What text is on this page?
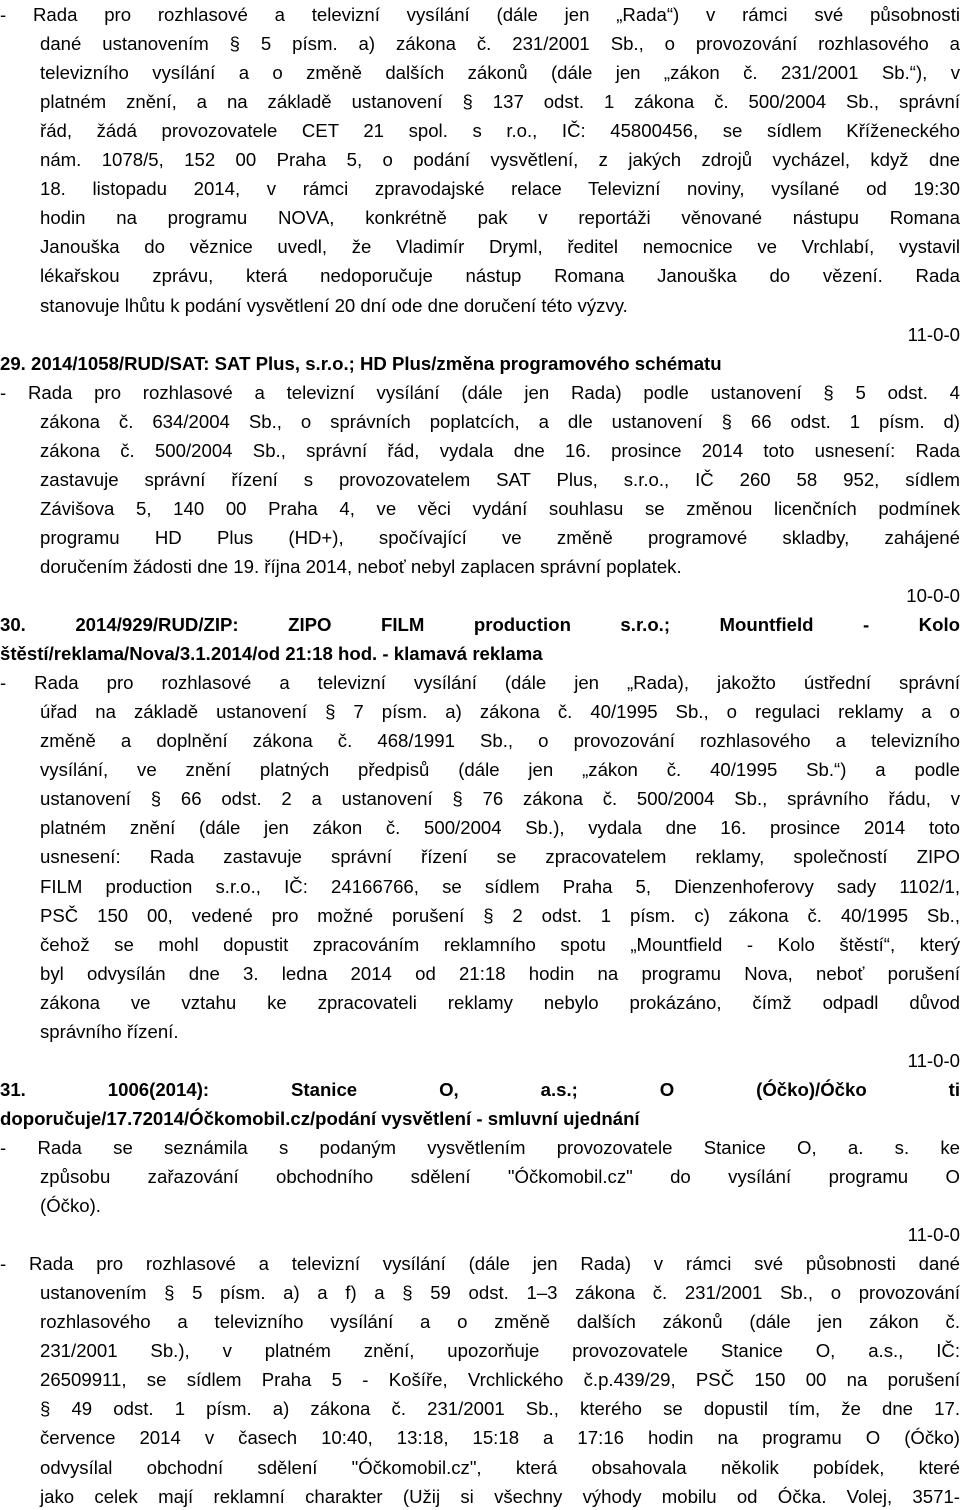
- Rada pro rozhlasové a televizní vysílání (dále jen „Rada“) v rámci své působnosti
dané ustanovením § 5 písm. a) zákona č. 231/2001 Sb., o provozování rozhlasového a
televizního vysílání a o změně dalších zákonů (dále jen „zákon č. 231/2001 Sb.“), v
platném znění, a na základě ustanovení § 137 odst. 1 zákona č. 500/2004 Sb., správní
řád, žádá provozovatele CET 21 spol. s r.o., IČ: 45800456, se sídlem Kříženeckého
nám. 1078/5, 152 00 Praha 5, o podání vysvětlení, z jakých zdrojů vycházel, když dne
18. listopadu 2014, v rámci zpravodajské relace Televizní noviny, vysílané od 19:30
hodin na programu NOVA, konkrétně pak v reportáži věnované nástupu Romana
Janouška do věznice uvedl, že Vladimír Dryml, ředitel nemocnice ve Vrchlabí, vystavil
lékařskou zprávu, která nedoporučuje nástup Romana Janouška do vězení. Rada
stanovuje lhůtu k podání vysvětlení 20 dní ode dne doručení této výzvy.
11-0-0
29. 2014/1058/RUD/SAT: SAT Plus, s.r.o.; HD Plus/změna programového schématu
- Rada pro rozhlasové a televizní vysílání (dále jen Rada) podle ustanovení § 5 odst. 4
zákona č. 634/2004 Sb., o správních poplatcích, a dle ustanovení § 66 odst. 1 písm. d)
zákona č. 500/2004 Sb., správní řád, vydala dne 16. prosince 2014 toto usnesení: Rada
zastavuje správní řízení s provozovatelem SAT Plus, s.r.o., IČ 260 58 952, sídlem
Závišova 5, 140 00 Praha 4, ve věci vydání souhlasu se změnou licenčních podmínek
programu HD Plus (HD+), spočívající ve změně programové skladby, zahájené
doručením žádosti dne 19. října 2014, neboť nebyl zaplacen správní poplatek.
10-0-0
30. 2014/929/RUD/ZIP: ZIPO FILM production s.r.o.; Mountfield - Kolo
štěstí/reklama/Nova/3.1.2014/od 21:18 hod. - klamavá reklama
- Rada pro rozhlasové a televizní vysílání (dále jen „Rada), jakožto ústřední správní
úřad na základě ustanovení § 7 písm. a) zákona č. 40/1995 Sb., o regulaci reklamy a o
změně a doplnění zákona č. 468/1991 Sb., o provozování rozhlasového a televizního
vysílání, ve znění platných předpisů (dále jen „zákon č. 40/1995 Sb.“) a podle
ustanovení § 66 odst. 2 a ustanovení § 76 zákona č. 500/2004 Sb., správního řádu, v
platném znění (dále jen zákon č. 500/2004 Sb.), vydala dne 16. prosince 2014 toto
usnesení: Rada zastavuje správní řízení se zpracovatelem reklamy, společností ZIPO
FILM production s.r.o., IČ: 24166766, se sídlem Praha 5, Dienzenhoferovy sady 1102/1,
PSČ 150 00, vedené pro možné porušení § 2 odst. 1 písm. c) zákona č. 40/1995 Sb.,
čehož se mohl dopustit zpracováním reklamního spotu „Mountfield - Kolo štěstí“, který
byl odvysílán dne 3. ledna 2014 od 21:18 hodin na programu Nova, neboť porušení
zákona ve vztahu ke zpracovateli reklamy nebylo prokázáno, čímž odpadl důvod
správního řízení.
11-0-0
31. 1006(2014): Stanice O, a.s.; O (Óčko)/Óčko ti
doporučuje/17.72014/Óčkomobil.cz/podání vysvětlení - smluvní ujednání
- Rada se seznámila s podaným vysvětlením provozovatele Stanice O, a. s. ke
způsobu zařazování obchodního sdělení "Óčkomobil.cz" do vysílání programu O
(Óčko).
11-0-0
- Rada pro rozhlasové a televizní vysílání (dále jen Rada) v rámci své působnosti dané
ustanovením § 5 písm. a) a f) a § 59 odst. 1–3 zákona č. 231/2001 Sb., o provozování
rozhlasového a televizního vysílání a o změně dalších zákonů (dále jen zákon č.
231/2001 Sb.), v platném znění, upozorňuje provozovatele Stanice O, a.s., IČ:
26509911, se sídlem Praha 5 - Košíře, Vrchlického č.p.439/29, PSČ 150 00 na porušení
§ 49 odst. 1 písm. a) zákona č. 231/2001 Sb., kterého se dopustil tím, že dne 17.
července 2014 v časech 10:40, 13:18, 15:18 a 17:16 hodin na programu O (Óčko)
odvysílal obchodní sdělení "Óčkomobil.cz", která obsahovala několik pobídek, které
jako celek mají reklamní charakter (Užij si všechny výhody mobilu od Óčka. Volej, 3571-
